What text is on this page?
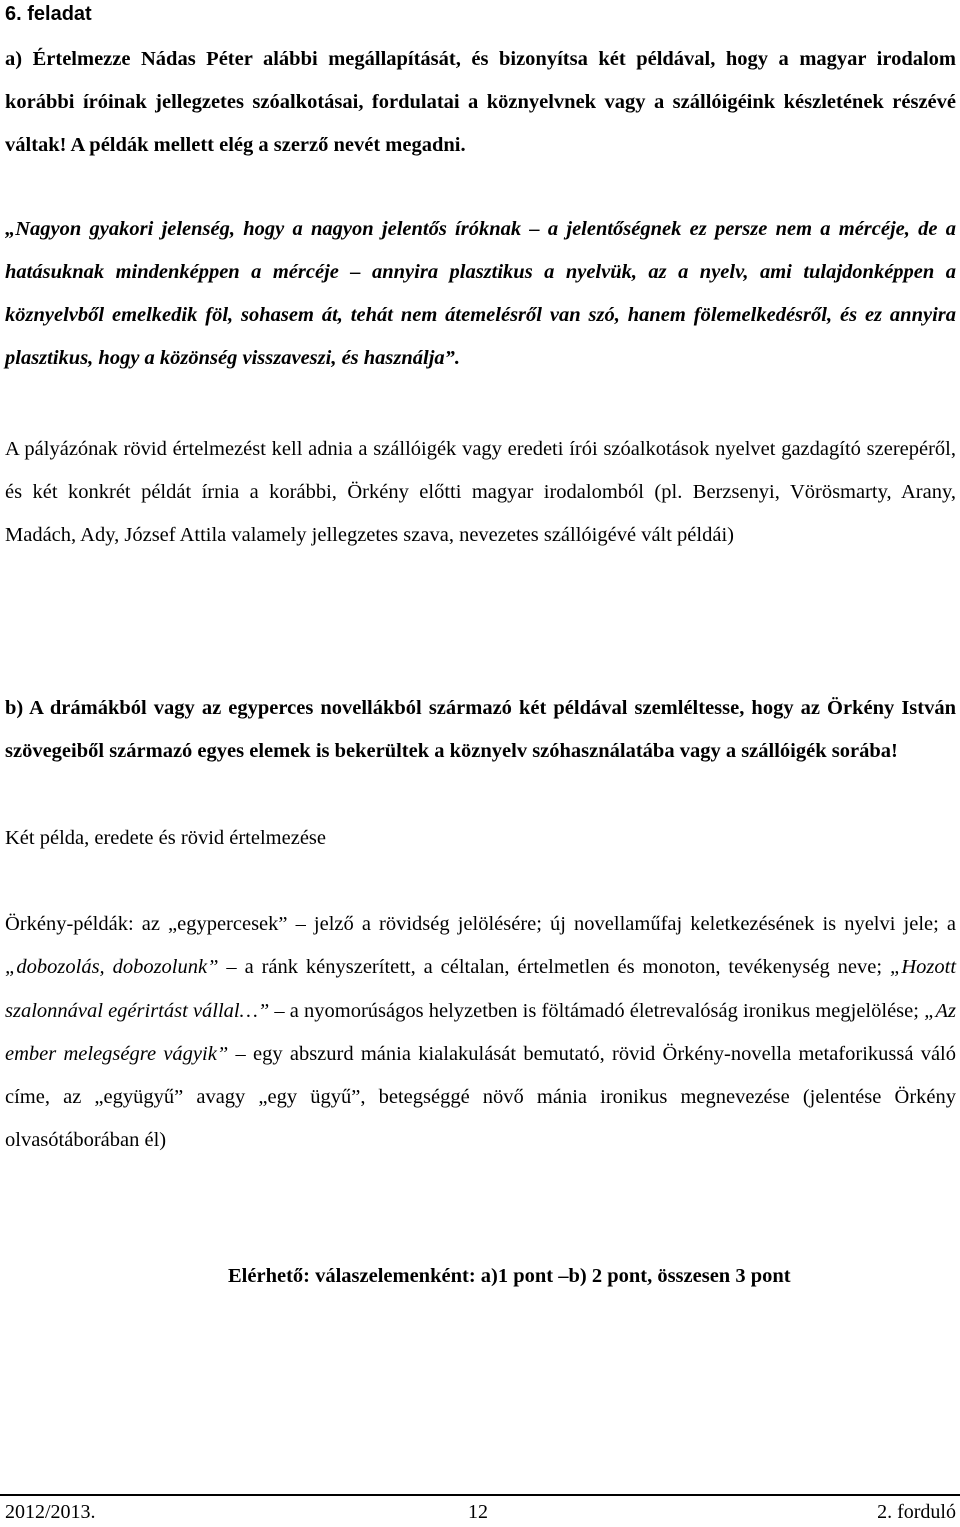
6. feladat

a) Értelmezze Nádas Péter alábbi megállapítását, és bizonyítsa két példával, hogy a magyar irodalom korábbi íróinak jellegzetes szóalkotásai, fordulatai a köznyelvnek vagy a szállóigéink készletének részévé váltak! A példák mellett elég a szerző nevét megadni.

„Nagyon gyakori jelenség, hogy a nagyon jelentős íróknak – a jelentőségnek ez persze nem a mércéje, de a hatásuknak mindenképpen a mércéje – annyira plasztikus a nyelvük, az a nyelv, ami tulajdonképpen a köznyelvből emelkedik föl, sohasem át, tehát nem átemelésről van szó, hanem fölemelkedésről, és ez annyira plasztikus, hogy a közönség visszaveszi, és használja”.

A pályázónak rövid értelmezést kell adnia a szállóigék vagy eredeti írói szóalkotások nyelvet gazdagító szerepéről, és két konkrét példát írnia a korábbi, Örkény előtti magyar irodalomból (pl. Berzsenyi, Vörösmarty, Arany, Madách, Ady, József Attila valamely jellegzetes szava, nevezetes szállóigévé vált példái)

b) A drámákból vagy az egyperces novellákból származó két példával szemléltesse, hogy az Örkény István szövegeiből származó egyes elemek is bekerültek a köznyelv szóhasználatába vagy a szállóigék sorába!

Két példa, eredete és rövid értelmezése

Örkény-példák: az „egypercesek” – jelző a rövidség jelölésére; új novellaműfaj keletkezésének is nyelvi jele; a „dobozolás, dobozolunk” – a ránk kényszerített, a céltalan, értelmetlen és monoton, tevékenység neve; „Hozott szalonnával egérirtást vállal…” – a nyomorúságos helyzetben is föltámadó életrevalóság ironikus megjelölése; „Az ember melegségre vágyik” – egy abszurd mánia kialakulását bemutató, rövid Örkény-novella metaforikussá váló címe, az „együgyű” avagy „egy ügyű”, betegséggé növő mánia ironikus megnevezése (jelentése Örkény olvasótáborában él)

Elérhető: válaszelemenként: a)1 pont –b) 2 pont, összesen 3 pont

2012/2013.	12	2. forduló
